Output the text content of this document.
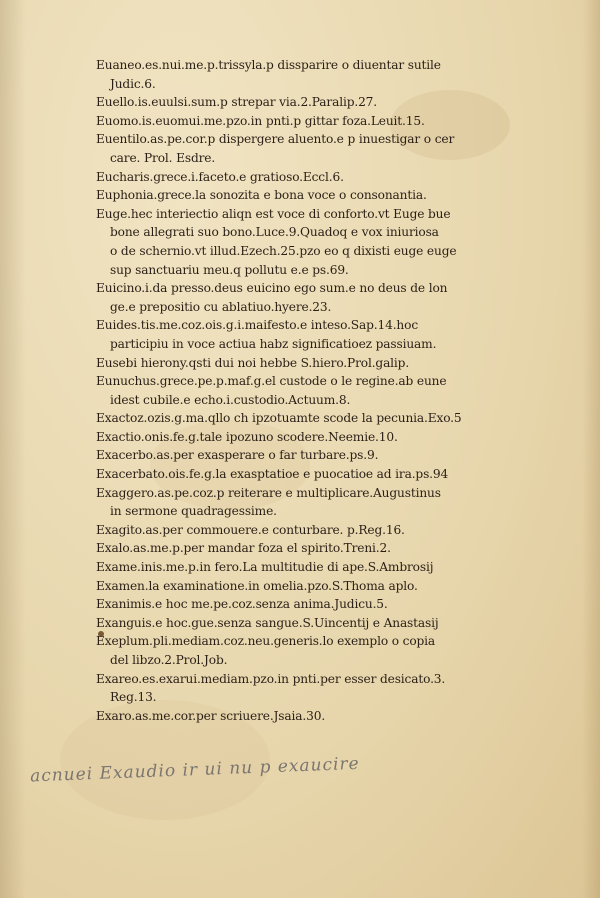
Euaneo.es.nui.me.p.trissyla.p dissparire o diuentar sutile
Judic.6.
Euello.is.euulsi.sum.p strepar via.2.Paralip.27.
Euomo.is.euomui.me.pzo.in pnti.p gittar foza.Leuit.15.
Euentilo.as.pe.cor.p dispergere aluento.e p inuestigar o cer
care. Prol. Esdre.
Eucharis.grece.i.faceto.e gratioso.Eccl.6.
Euphonia.grece.la sonozita e bona voce o consonantia.
Euge.hec interiectio aliqn est voce di conforto.vt Euge bue
bone allegrati suo bono.Luce.9.Quadoq e vox iniuriosa
o de schernio.vt illud.Ezech.25.pzo eo q dixisti euge euge
sup sanctuariu meu.q pollutu e.e ps.69.
Euicino.i.da presso.deus euicino ego sum.e no deus de lon
ge.e prepositio cu ablatiuo.hyere.23.
Euides.tis.me.coz.ois.g.i.maifesto.e inteso.Sap.14.hoc
participiu in voce actiua habz significatioez passiuam.
Eusebi hierony.qsti dui noi hebbe S.hiero.Prol.galip.
Eunuchus.grece.pe.p.maf.g.el custode o le regine.ab eune
idest cubile.e echo.i.custodio.Actuum.8.
Exactoz.ozis.g.ma.qllo ch ipzotuamte scode la pecunia.Exo.5
Exactio.onis.fe.g.tale ipozuno scodere.Neemie.10.
Exacerbo.as.per exasperare o far turbare.ps.9.
Exacerbato.ois.fe.g.la exasptatioe e puocatioe ad ira.ps.94
Exaggero.as.pe.coz.p reiterare e multiplicare.Augustinus
in sermone quadragessime.
Exagito.as.per commouere.e conturbare. p.Reg.16.
Exalo.as.me.p.per mandar foza el spirito.Treni.2.
Exame.inis.me.p.in fero.La multitudie di ape.S.Ambrosij
Examen.la examinatione.in omelia.pzo.S.Thoma aplo.
Exanimis.e hoc me.pe.coz.senza anima.Judicu.5.
Exanguis.e hoc.gue.senza sangue.S.Uincentij e Anastasij
Exeplum.pli.mediam.coz.neu.generis.lo exemplo o copia
del libzo.2.Prol.Job.
Exareo.es.exarui.mediam.pzo.in pnti.per esser desicato.3.
Reg.13.
Exaro.as.me.cor.per scriuere.Jsaia.30.
acnuei Exaudio ir ui nu p exaucire
